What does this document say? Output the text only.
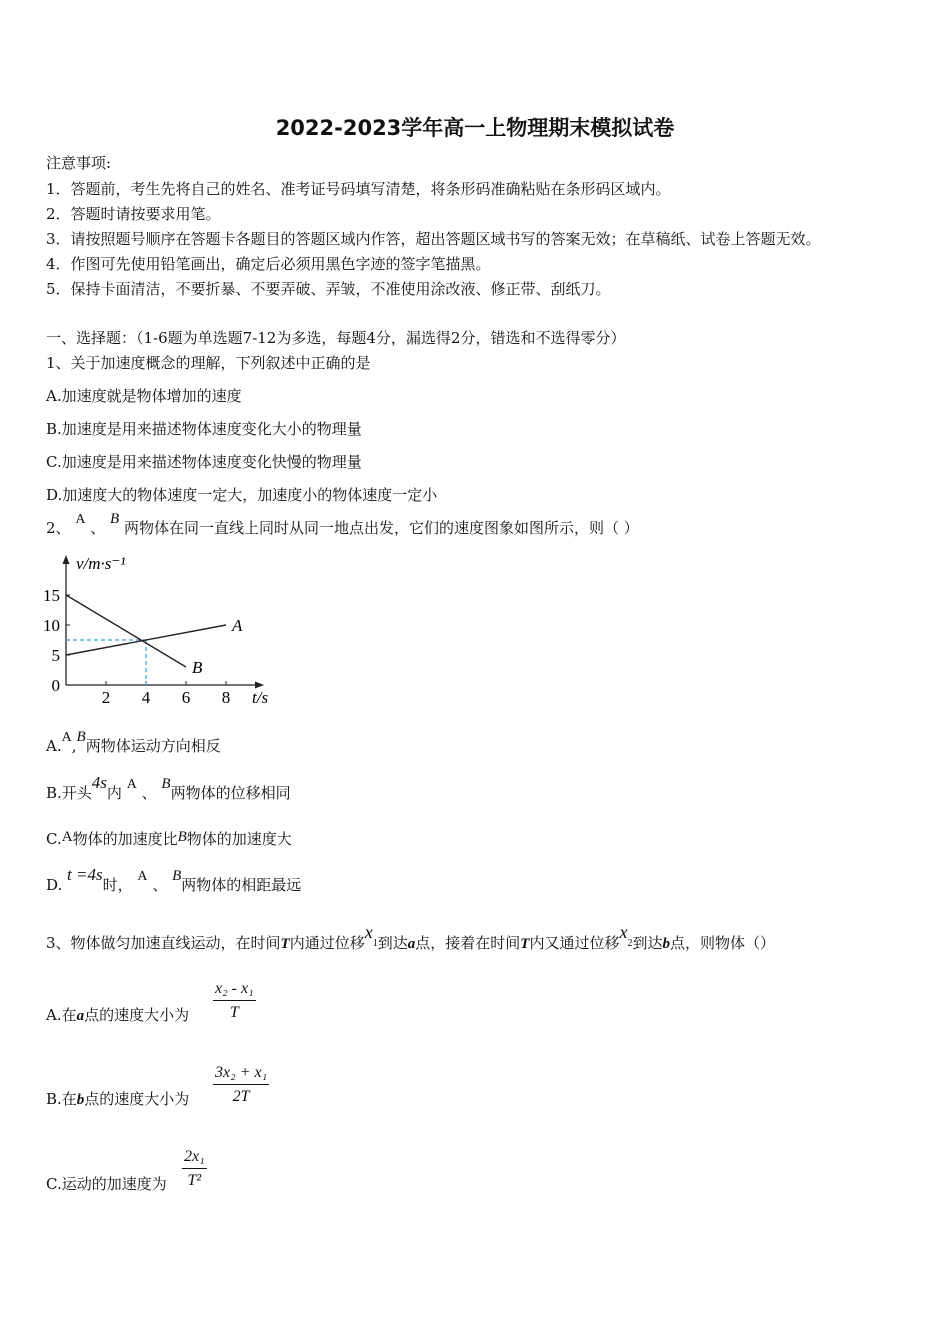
2022-2023学年高一上物理期末模拟试卷
注意事项:
1．答题前，考生先将自己的姓名、准考证号码填写清楚，将条形码准确粘贴在条形码区域内。
2．答题时请按要求用笔。
3．请按照题号顺序在答题卡各题目的答题区域内作答，超出答题区域书写的答案无效；在草稿纸、试卷上答题无效。
4．作图可先使用铅笔画出，确定后必须用黑色字迹的签字笔描黑。
5．保持卡面清洁，不要折暴、不要弄破、弄皱，不准使用涂改液、修正带、刮纸刀。
一、选择题：（1-6题为单选题7-12为多选，每题4分，漏选得2分，错选和不选得零分）
1、关于加速度概念的理解，下列叙述中正确的是
A.加速度就是物体增加的速度
B.加速度是用来描述物体速度变化大小的物理量
C.加速度是用来描述物体速度变化快慢的物理量
D.加速度大的物体速度一定大，加速度小的物体速度一定小
2、 A 、 B 两物体在同一直线上同时从同一地点出发，它们的速度图象如图所示，则（ ）
2 4 6 8
0
5
10
15
A
B
v/m·s⁻¹
t/s
A.A,B两物体运动方向相反
B.开头4s内 A 、 B两物体的位移相同
C.A物体的加速度比B物体的加速度大
D. t =4s时， A 、 B两物体的相距最远
3、物体做匀加速直线运动，在时间T内通过位移$x_1$到达a点，接着在时间T内又通过位移$x_2$到达b点，则物体（）
A.在a点的速度大小为
x₂ - x₁
T
B.在b点的速度大小为
3x₂ + x₁
2T
C.运动的加速度为
2x₁
T²
